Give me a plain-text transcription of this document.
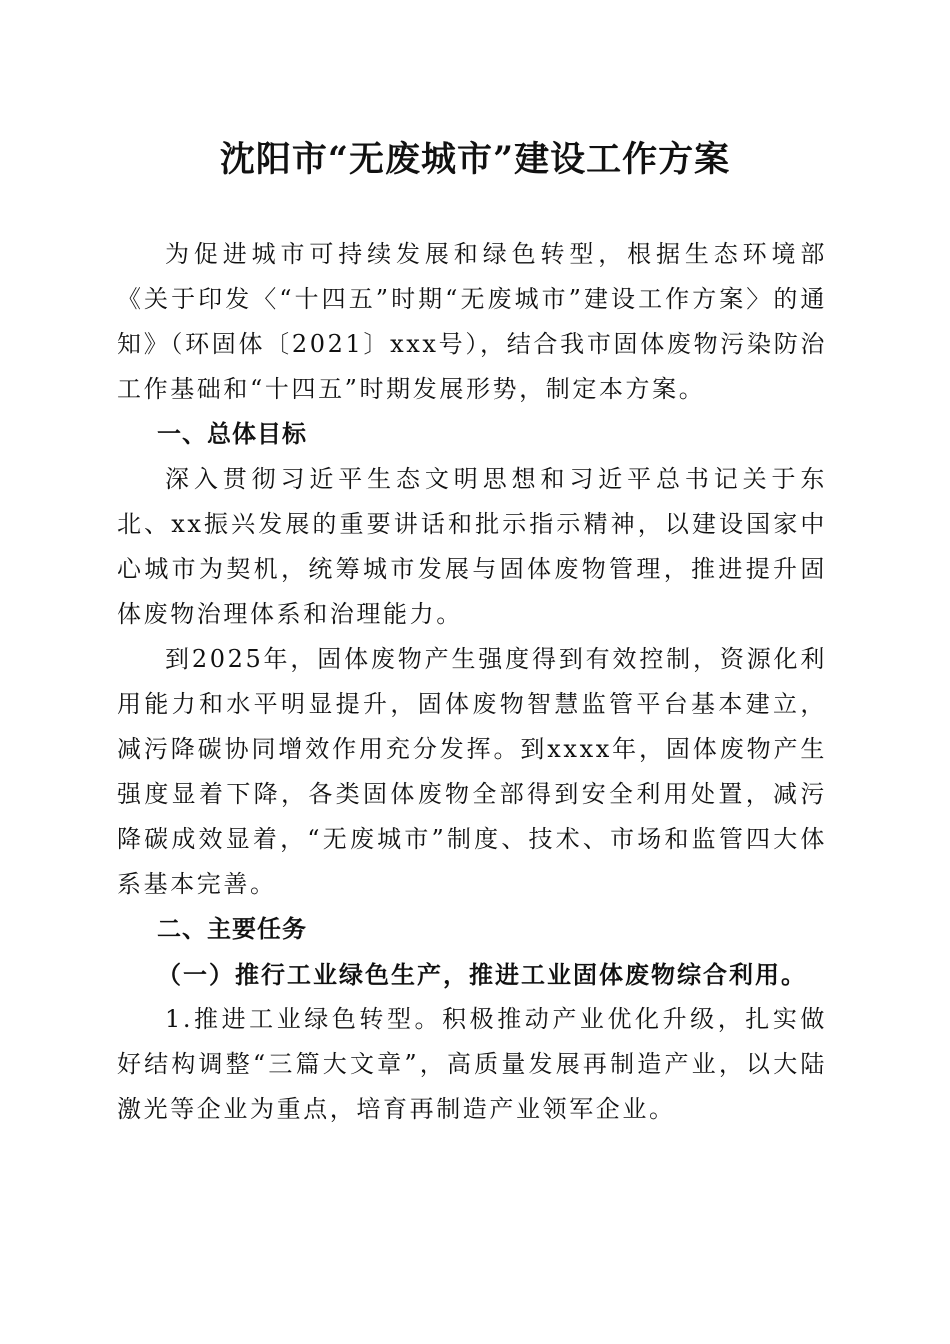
沈阳市“无废城市”建设工作方案

为促进城市可持续发展和绿色转型，根据生态环境部《关于印发〈“十四五”时期“无废城市”建设工作方案〉的通知》（环固体〔2021〕xxx号），结合我市固体废物污染防治工作基础和“十四五”时期发展形势，制定本方案。

一、总体目标

深入贯彻习近平生态文明思想和习近平总书记关于东北、xx振兴发展的重要讲话和批示指示精神，以建设国家中心城市为契机，统筹城市发展与固体废物管理，推进提升固体废物治理体系和治理能力。

到2025年，固体废物产生强度得到有效控制，资源化利用能力和水平明显提升，固体废物智慧监管平台基本建立，减污降碳协同增效作用充分发挥。到xxxx年，固体废物产生强度显着下降，各类固体废物全部得到安全利用处置，减污降碳成效显着，“无废城市”制度、技术、市场和监管四大体系基本完善。

二、主要任务

（一）推行工业绿色生产，推进工业固体废物综合利用。

1.推进工业绿色转型。积极推动产业优化升级，扎实做好结构调整“三篇大文章”，高质量发展再制造产业，以大陆激光等企业为重点，培育再制造产业领军企业。
